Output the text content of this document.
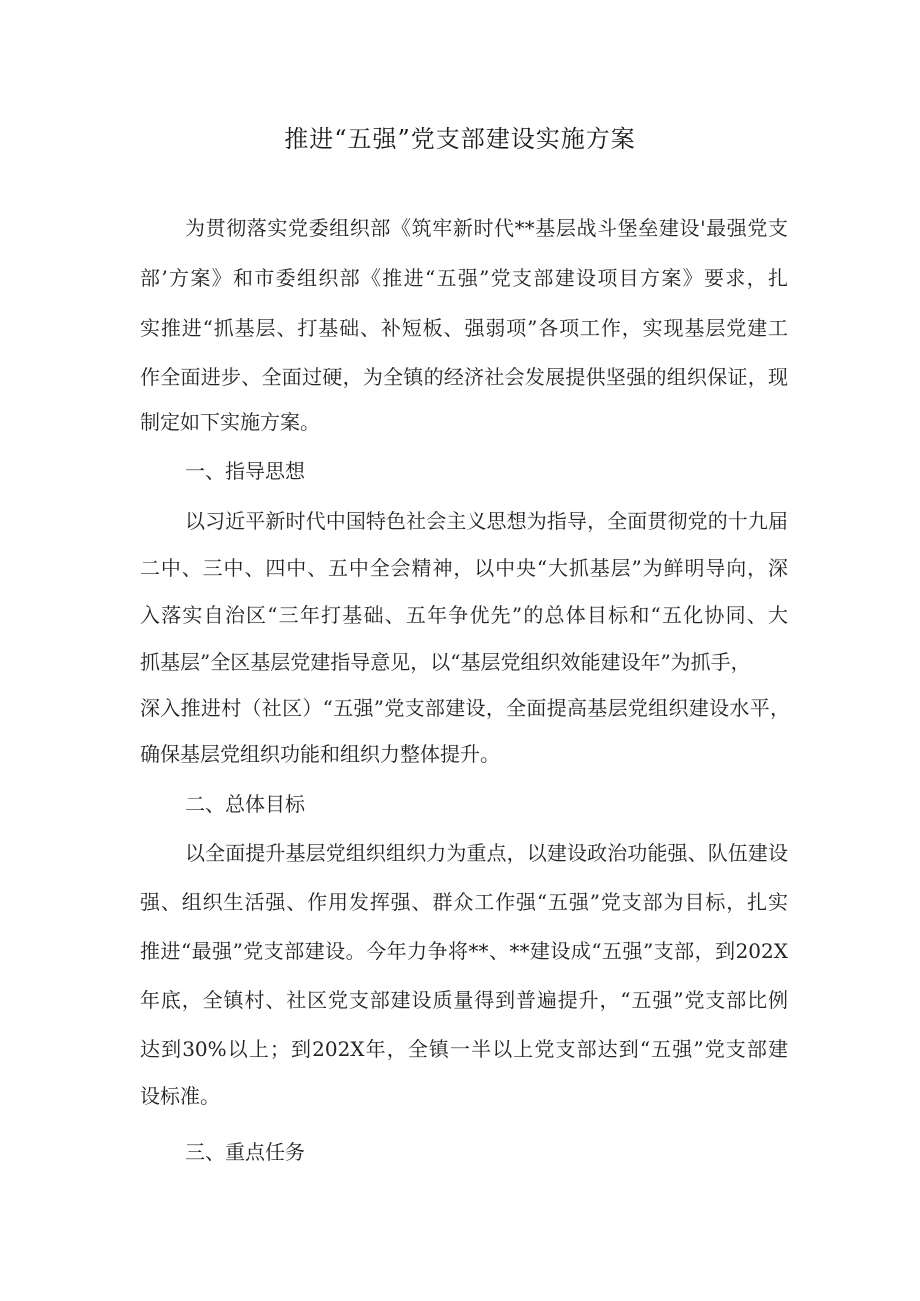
推进“五强”党支部建设实施方案
为贯彻落实党委组织部《筑牢新时代**基层战斗堡垒建设'最强党支
部’方案》和市委组织部《推进“五强”党支部建设项目方案》要求，扎
实推进“抓基层、打基础、补短板、强弱项”各项工作，实现基层党建工
作全面进步、全面过硬，为全镇的经济社会发展提供坚强的组织保证，现
制定如下实施方案。
一、指导思想
以习近平新时代中国特色社会主义思想为指导，全面贯彻党的十九届
二中、三中、四中、五中全会精神，以中央“大抓基层”为鲜明导向，深
入落实自治区“三年打基础、五年争优先”的总体目标和“五化协同、大
抓基层”全区基层党建指导意见，以“基层党组织效能建设年”为抓手，
深入推进村（社区）“五强”党支部建设，全面提高基层党组织建设水平，
确保基层党组织功能和组织力整体提升。
二、总体目标
以全面提升基层党组织组织力为重点，以建设政治功能强、队伍建设
强、组织生活强、作用发挥强、群众工作强“五强”党支部为目标，扎实
推进“最强”党支部建设。今年力争将**、**建设成“五强”支部，到202X
年底，全镇村、社区党支部建设质量得到普遍提升，“五强”党支部比例
达到30%以上；到202X年，全镇一半以上党支部达到“五强”党支部建
设标准。
三、重点任务
